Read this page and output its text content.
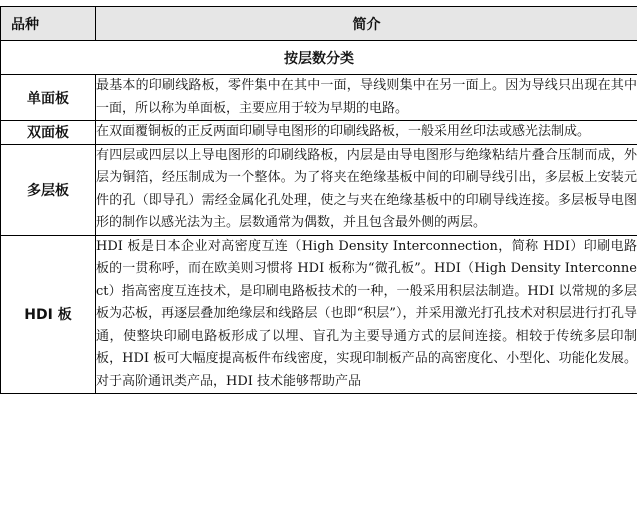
品种	简介
按层数分类	
单面板	最基本的印刷线路板，零件集中在其中一面，导线则集中在另一面上。因为导线只出现在其中一面，所以称为单面板，主要应用于较为早期的电路。
双面板	在双面覆铜板的正反两面印刷导电图形的印刷线路板，一般采用丝印法或感光法制成。
多层板	有四层或四层以上导电图形的印刷线路板，内层是由导电图形与绝缘粘结片叠合压制而成，外层为铜箔，经压制成为一个整体。为了将夹在绝缘基板中间的印刷导线引出，多层板上安装元件的孔（即导孔）需经金属化孔处理，使之与夹在绝缘基板中的印刷导线连接。多层板导电图形的制作以感光法为主。层数通常为偶数，并且包含最外侧的两层。
HDI 板	HDI 板是日本企业对高密度互连（High Density Interconnection，简称 HDI）印刷电路板的一贯称呼，而在欧美则习惯将 HDI 板称为“微孔板”。HDI（High Density Interconnect）指高密度互连技术，是印刷电路板技术的一种，一般采用积层法制造。HDI 以常规的多层板为芯板，再逐层叠加绝缘层和线路层（也即“积层”），并采用激光打孔技术对积层进行打孔导通，使整块印刷电路板形成了以埋、盲孔为主要导通方式的层间连接。相较于传统多层印制板，HDI 板可大幅度提高板件布线密度，实现印制板产品的高密度化、小型化、功能化发展。对于高阶通讯类产品，HDI 技术能够帮助产品
